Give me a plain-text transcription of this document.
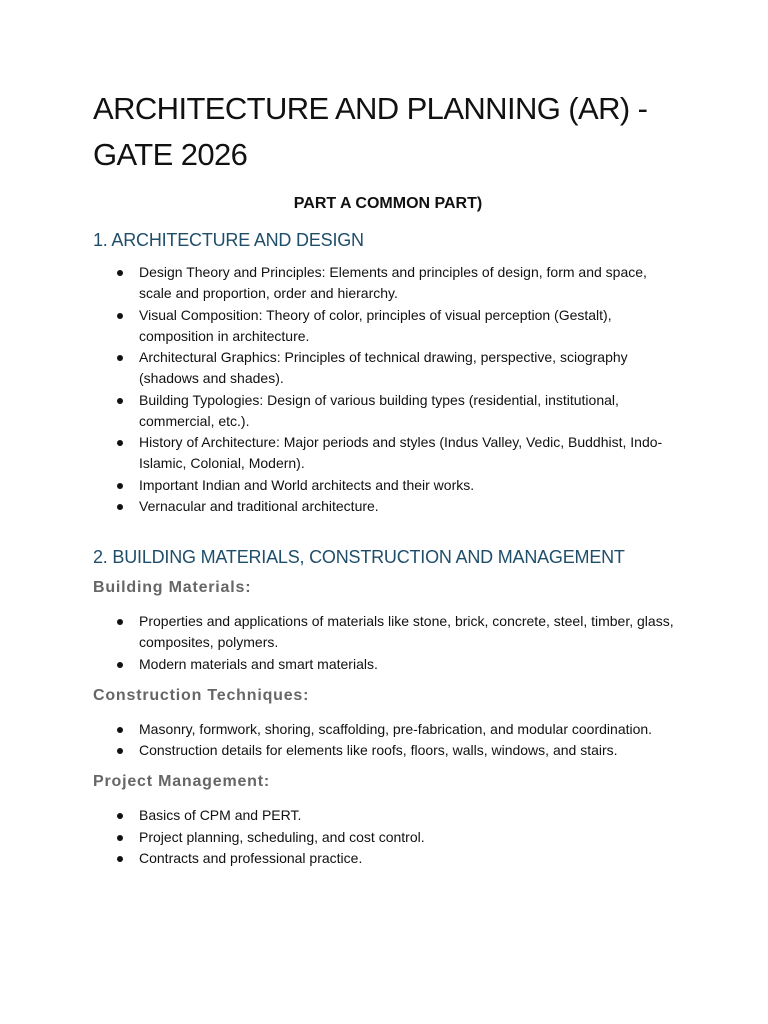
ARCHITECTURE AND PLANNING (AR) - GATE 2026
PART A COMMON PART)
1. ARCHITECTURE AND DESIGN
Design Theory and Principles: Elements and principles of design, form and space, scale and proportion, order and hierarchy.
Visual Composition: Theory of color, principles of visual perception (Gestalt), composition in architecture.
Architectural Graphics: Principles of technical drawing, perspective, sciography (shadows and shades).
Building Typologies: Design of various building types (residential, institutional, commercial, etc.).
History of Architecture: Major periods and styles (Indus Valley, Vedic, Buddhist, Indo-Islamic, Colonial, Modern).
Important Indian and World architects and their works.
Vernacular and traditional architecture.
2. BUILDING MATERIALS, CONSTRUCTION AND MANAGEMENT
Building Materials:
Properties and applications of materials like stone, brick, concrete, steel, timber, glass, composites, polymers.
Modern materials and smart materials.
Construction Techniques:
Masonry, formwork, shoring, scaffolding, pre-fabrication, and modular coordination.
Construction details for elements like roofs, floors, walls, windows, and stairs.
Project Management:
Basics of CPM and PERT.
Project planning, scheduling, and cost control.
Contracts and professional practice.
